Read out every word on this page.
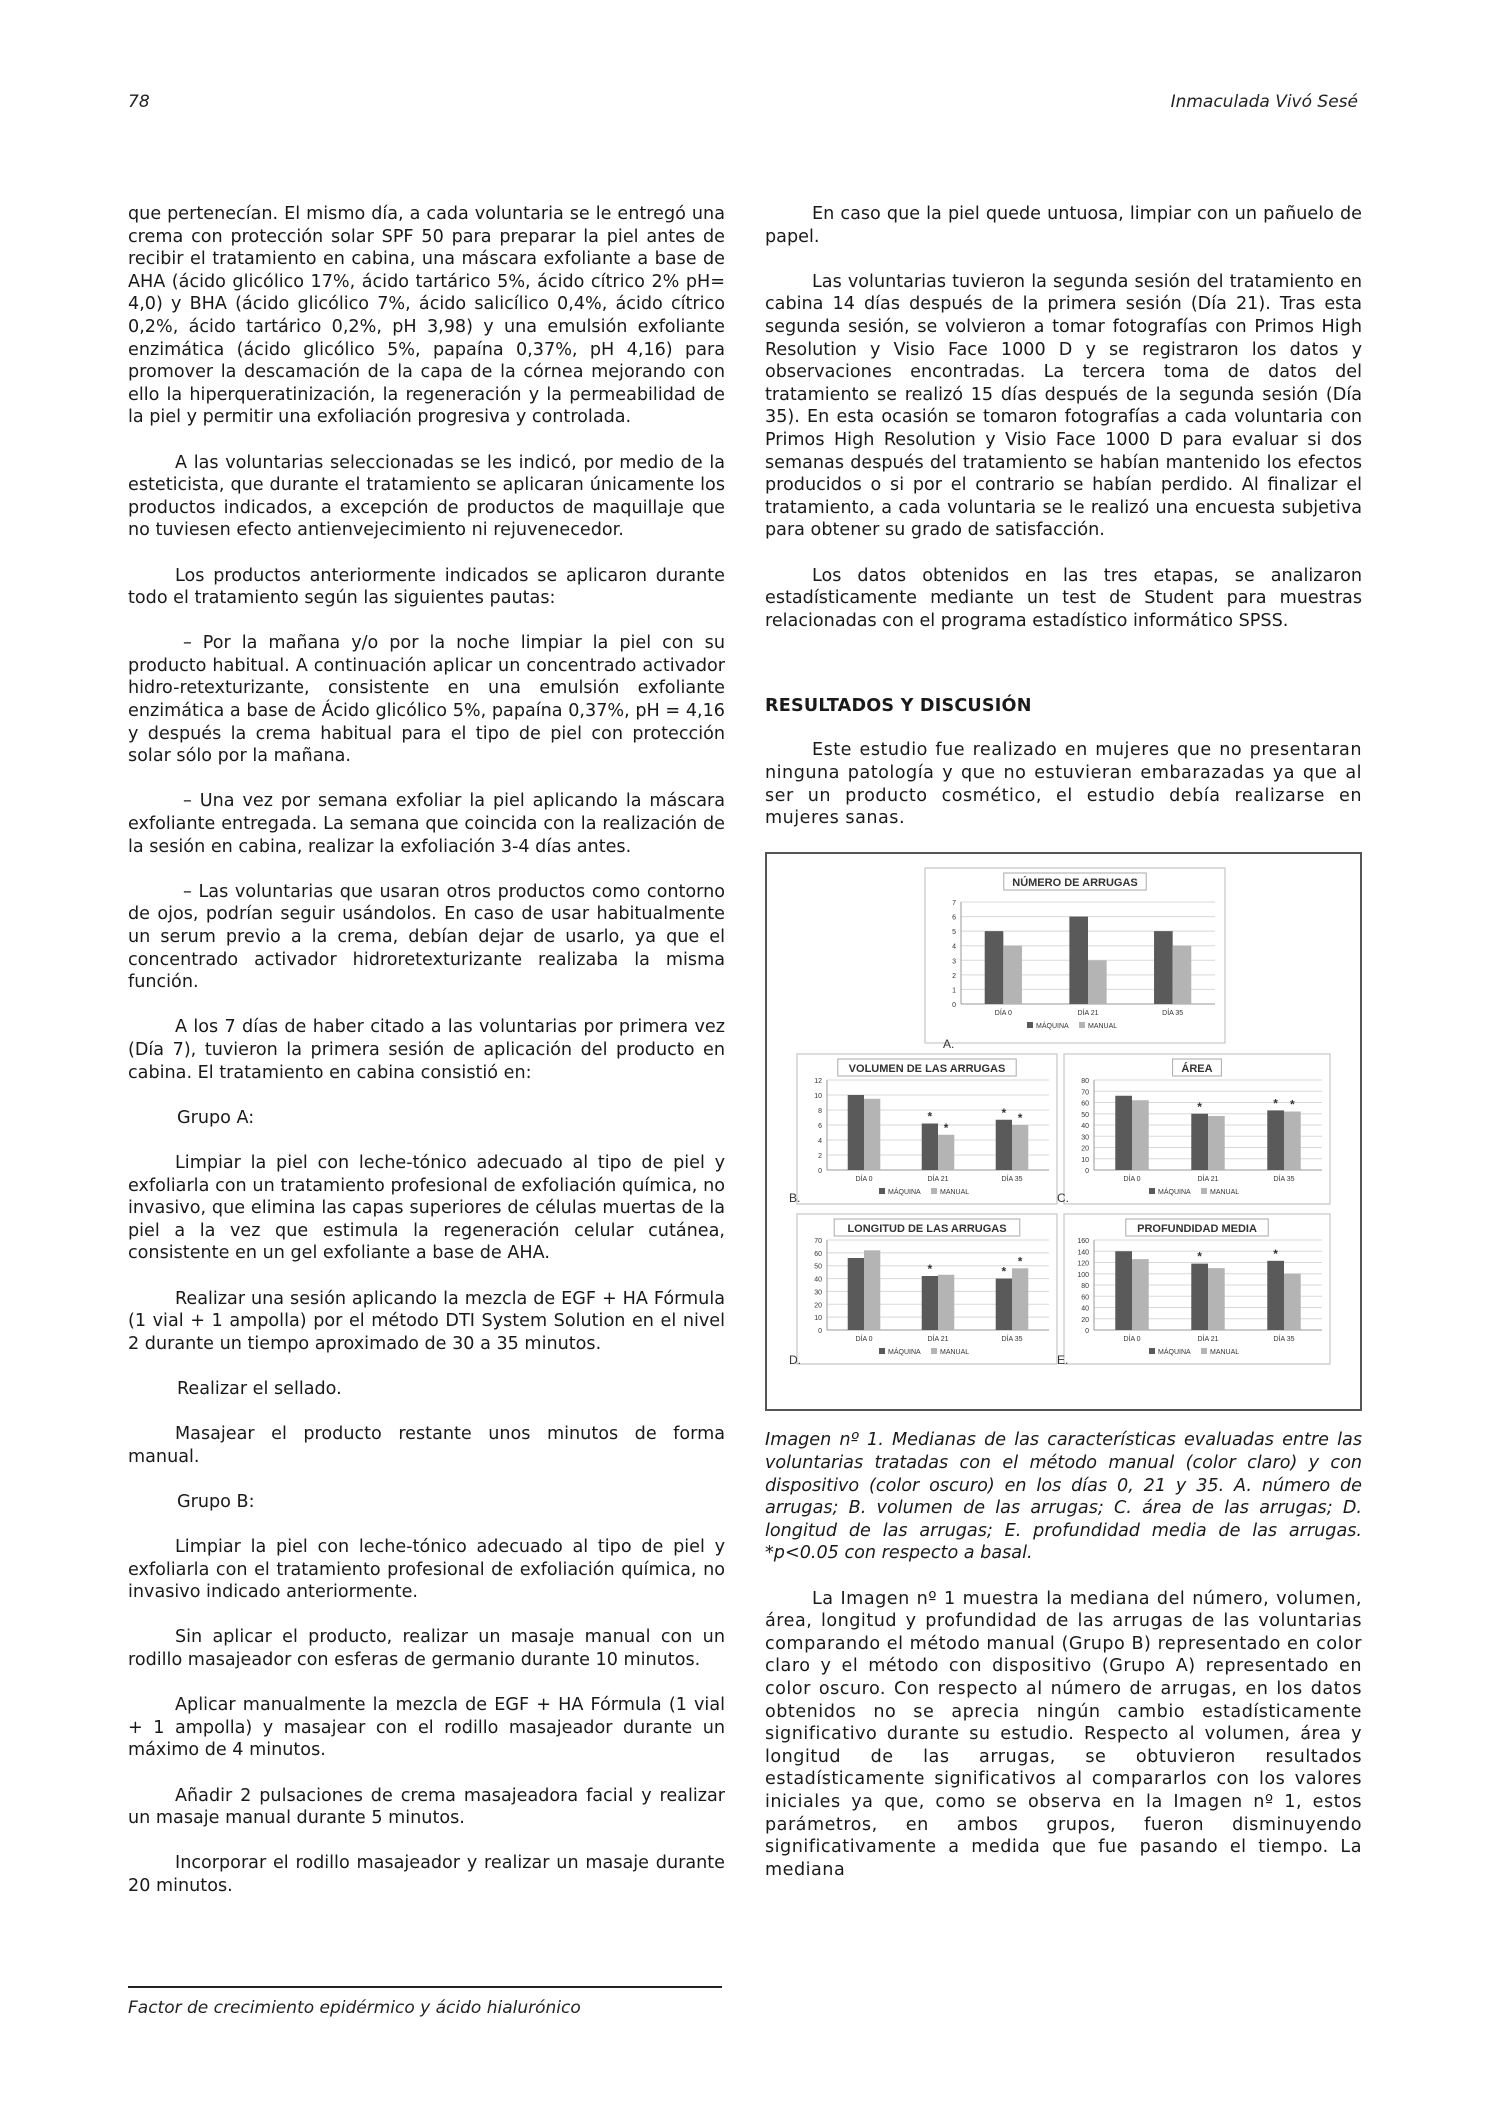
78	Inmaculada Vivó Sesé

que pertenecían. El mismo día, a cada voluntaria se le entregó una crema con protección solar SPF 50 para preparar la piel antes de recibir el tratamiento en cabina, una máscara exfoliante a base de AHA (ácido glicólico 17%, ácido tartárico 5%, ácido cítrico 2% pH= 4,0) y BHA (ácido glicólico 7%, ácido salicílico 0,4%, ácido cítrico 0,2%, ácido tartárico 0,2%, pH 3,98) y una emulsión exfoliante enzimática (ácido glicólico 5%, papaína 0,37%, pH 4,16) para promover la descamación de la capa de la córnea mejorando con ello la hiperqueratinización, la regeneración y la permeabilidad de la piel y permitir una exfoliación progresiva y controlada.

A las voluntarias seleccionadas se les indicó, por medio de la esteticista, que durante el tratamiento se aplicaran únicamente los productos indicados, a excepción de productos de maquillaje que no tuviesen efecto antienvejecimiento ni rejuvenecedor.

Los productos anteriormente indicados se aplicaron durante todo el tratamiento según las siguientes pautas:

– Por la mañana y/o por la noche limpiar la piel con su producto habitual. A continuación aplicar un concentrado activador hidro-retexturizante, consistente en una emulsión exfoliante enzimática a base de Ácido glicólico 5%, papaína 0,37%, pH = 4,16 y después la crema habitual para el tipo de piel con protección solar sólo por la mañana.

– Una vez por semana exfoliar la piel aplicando la máscara exfoliante entregada. La semana que coincida con la realización de la sesión en cabina, realizar la exfoliación 3-4 días antes.

– Las voluntarias que usaran otros productos como contorno de ojos, podrían seguir usándolos. En caso de usar habitualmente un serum previo a la crema, debían dejar de usarlo, ya que el concentrado activador hidroretexturizante realizaba la misma función.

A los 7 días de haber citado a las voluntarias por primera vez (Día 7), tuvieron la primera sesión de aplicación del producto en cabina. El tratamiento en cabina consistió en:

Grupo A:

Limpiar la piel con leche-tónico adecuado al tipo de piel y exfoliarla con un tratamiento profesional de exfoliación química, no invasivo, que elimina las capas superiores de células muertas de la piel a la vez que estimula la regeneración celular cutánea, consistente en un gel exfoliante a base de AHA.

Realizar una sesión aplicando la mezcla de EGF + HA Fórmula (1 vial + 1 ampolla) por el método DTI System Solution en el nivel 2 durante un tiempo aproximado de 30 a 35 minutos.

Realizar el sellado.

Masajear el producto restante unos minutos de forma manual.

Grupo B:

Limpiar la piel con leche-tónico adecuado al tipo de piel y exfoliarla con el tratamiento profesional de exfoliación química, no invasivo indicado anteriormente.

Sin aplicar el producto, realizar un masaje manual con un rodillo masajeador con esferas de germanio durante 10 minutos.

Aplicar manualmente la mezcla de EGF + HA Fórmula (1 vial + 1 ampolla) y masajear con el rodillo masajeador durante un máximo de 4 minutos.

Añadir 2 pulsaciones de crema masajeadora facial y realizar un masaje manual durante 5 minutos.

Incorporar el rodillo masajeador y realizar un masaje durante 20 minutos.

En caso que la piel quede untuosa, limpiar con un pañuelo de papel.

Las voluntarias tuvieron la segunda sesión del tratamiento en cabina 14 días después de la primera sesión (Día 21). Tras esta segunda sesión, se volvieron a tomar fotografías con Primos High Resolution y Visio Face 1000 D y se registraron los datos y observaciones encontradas. La tercera toma de datos del tratamiento se realizó 15 días después de la segunda sesión (Día 35). En esta ocasión se tomaron fotografías a cada voluntaria con Primos High Resolution y Visio Face 1000 D para evaluar si dos semanas después del tratamiento se habían mantenido los efectos producidos o si por el contrario se habían perdido. Al finalizar el tratamiento, a cada voluntaria se le realizó una encuesta subjetiva para obtener su grado de satisfacción.

Los datos obtenidos en las tres etapas, se analizaron estadísticamente mediante un test de Student para muestras relacionadas con el programa estadístico informático SPSS.

RESULTADOS Y DISCUSIÓN

Este estudio fue realizado en mujeres que no presentaran ninguna patología y que no estuvieran embarazadas ya que al ser un producto cosmético, el estudio debía realizarse en mujeres sanas.

NÚMERO DE ARRUGAS
0
1
2
3
4
5
6
7
DÍA 0	DÍA 21	DÍA 35
MÁQUINA	MANUAL
A.
VOLUMEN DE LAS ARRUGAS
0
2
4
6
8
10
12
DÍA 0
*
*
DÍA 21
* *
DÍA 35
MÁQUINA	MANUAL
B.
ÁREA
0
10
20
30
40
50
60
70
80
DÍA 0
*
DÍA 21
* *
DÍA 35
MÁQUINA	MANUAL
C.
LONGITUD DE LAS ARRUGAS
0
10
20
30
40
50
60
70
DÍA 0
*
DÍA 21
*
*
DÍA 35
MÁQUINA	MANUAL
D.
PROFUNDIDAD MEDIA
0
20
40
60
80
100
120
140
160
DÍA 0
*
DÍA 21
*
DÍA 35
MÁQUINA	MANUAL
E.

Imagen nº 1. Medianas de las características evaluadas entre las voluntarias tratadas con el método manual (color claro) y con dispositivo (color oscuro) en los días 0, 21 y 35. A. número de arrugas; B. volumen de las arrugas; C. área de las arrugas; D. longitud de las arrugas; E. profundidad media de las arrugas. *p<0.05 con respecto a basal.

La Imagen nº 1 muestra la mediana del número, volumen, área, longitud y profundidad de las arrugas de las voluntarias comparando el método manual (Grupo B) representado en color claro y el método con dispositivo (Grupo A) representado en color oscuro. Con respecto al número de arrugas, en los datos obtenidos no se aprecia ningún cambio estadísticamente significativo durante su estudio. Respecto al volumen, área y longitud de las arrugas, se obtuvieron resultados estadísticamente significativos al compararlos con los valores iniciales ya que, como se observa en la Imagen nº 1, estos parámetros, en ambos grupos, fueron disminuyendo significativamente a medida que fue pasando el tiempo. La mediana

Factor de crecimiento epidérmico y ácido hialurónico
